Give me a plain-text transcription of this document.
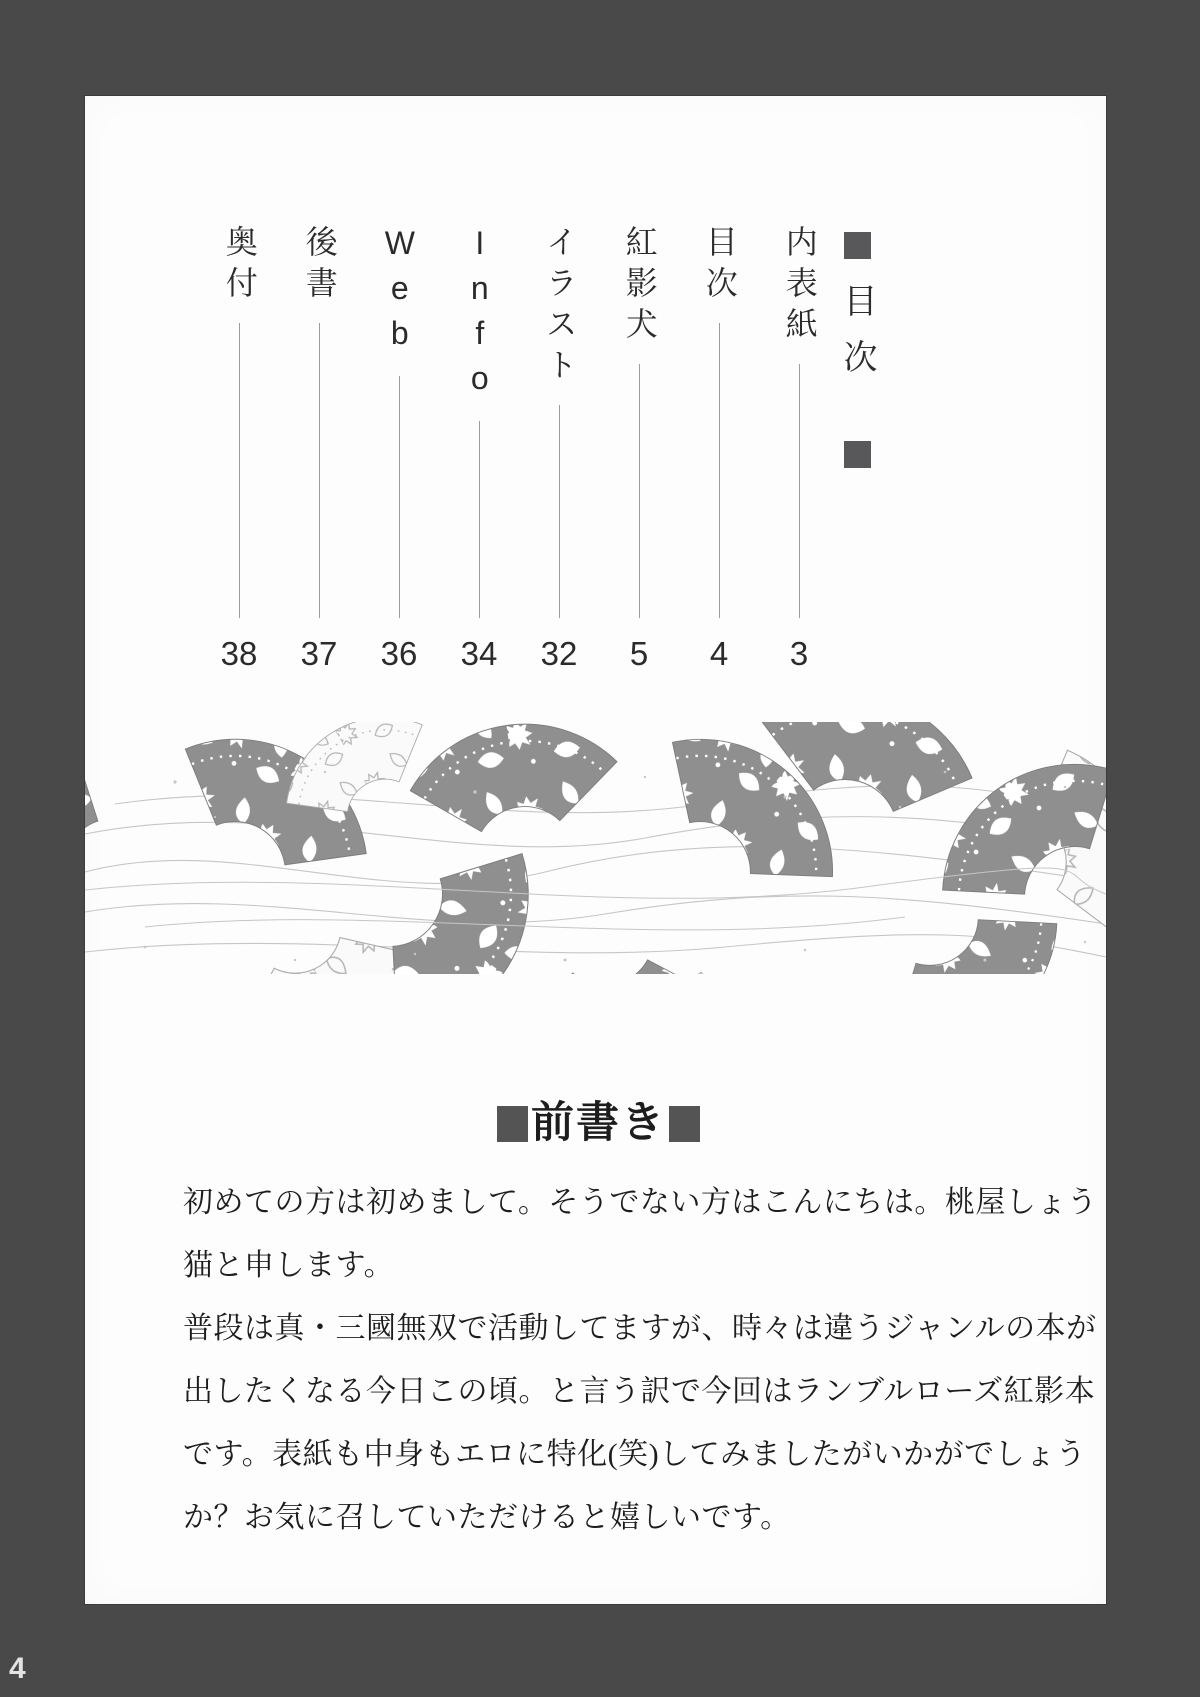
4
内表紙
3
目次
4
紅影犬
5
イラスト
32
Info
34
Web
36
後書
37
奥付
38
目次
前書き
初めての方は初めまして。そうでない方はこんにちは。桃屋しょう
猫と申します。
普段は真・三國無双で活動してますが、時々は違うジャンルの本が
出したくなる今日この頃。と言う訳で今回はランブルローズ紅影本
です。表紙も中身もエロに特化(笑)してみましたがいかがでしょう
か？お気に召していただけると嬉しいです。
